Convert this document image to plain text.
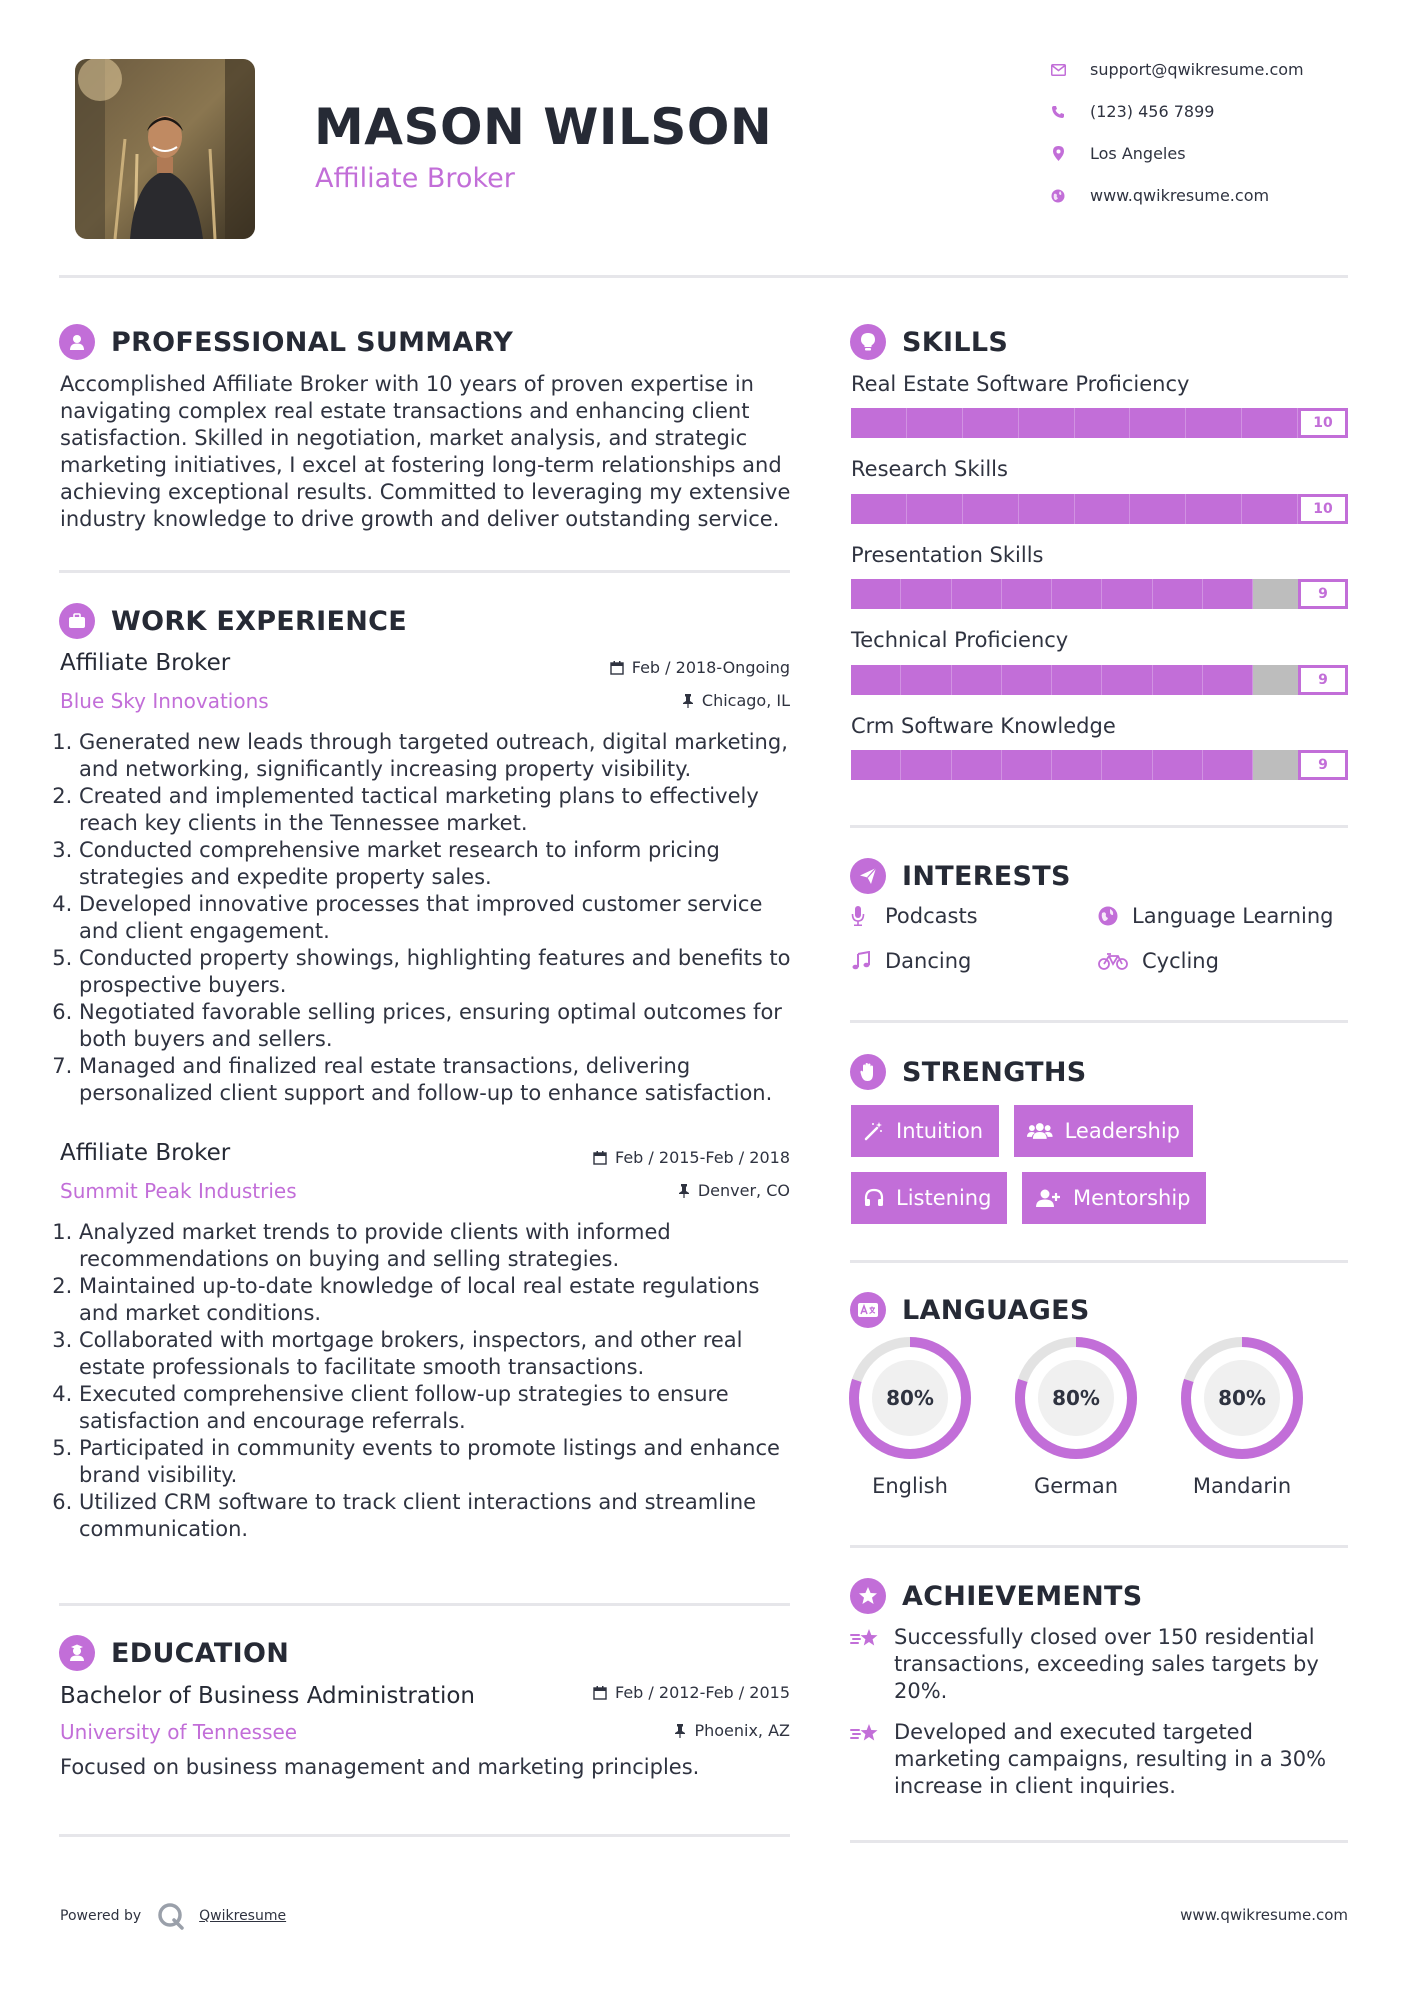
MASON WILSON
Affiliate Broker
support@qwikresume.com
(123) 456 7899
Los Angeles
www.qwikresume.com
PROFESSIONAL SUMMARY
Accomplished Affiliate Broker with 10 years of proven expertise in navigating complex real estate transactions and enhancing client satisfaction. Skilled in negotiation, market analysis, and strategic marketing initiatives, I excel at fostering long-term relationships and achieving exceptional results. Committed to leveraging my extensive industry knowledge to drive growth and deliver outstanding service.
WORK EXPERIENCE
Affiliate Broker	Feb / 2018-Ongoing
Blue Sky Innovations	Chicago, IL
1. Generated new leads through targeted outreach, digital marketing, and networking, significantly increasing property visibility.
2. Created and implemented tactical marketing plans to effectively reach key clients in the Tennessee market.
3. Conducted comprehensive market research to inform pricing strategies and expedite property sales.
4. Developed innovative processes that improved customer service and client engagement.
5. Conducted property showings, highlighting features and benefits to prospective buyers.
6. Negotiated favorable selling prices, ensuring optimal outcomes for both buyers and sellers.
7. Managed and finalized real estate transactions, delivering personalized client support and follow-up to enhance satisfaction.
Affiliate Broker	Feb / 2015-Feb / 2018
Summit Peak Industries	Denver, CO
1. Analyzed market trends to provide clients with informed recommendations on buying and selling strategies.
2. Maintained up-to-date knowledge of local real estate regulations and market conditions.
3. Collaborated with mortgage brokers, inspectors, and other real estate professionals to facilitate smooth transactions.
4. Executed comprehensive client follow-up strategies to ensure satisfaction and encourage referrals.
5. Participated in community events to promote listings and enhance brand visibility.
6. Utilized CRM software to track client interactions and streamline communication.
EDUCATION
Bachelor of Business Administration	Feb / 2012-Feb / 2015
University of Tennessee	Phoenix, AZ
Focused on business management and marketing principles.
SKILLS
Real Estate Software Proficiency
10
Research Skills
10
Presentation Skills
9
Technical Proficiency
9
Crm Software Knowledge
9
INTERESTS
Podcasts	Language Learning
Dancing	Cycling
STRENGTHS
Intuition	Leadership
Listening	Mentorship
LANGUAGES
80%
English
80%
German
80%
Mandarin
ACHIEVEMENTS
Successfully closed over 150 residential transactions, exceeding sales targets by 20%.
Developed and executed targeted marketing campaigns, resulting in a 30% increase in client inquiries.
Powered by	Qwikresume	www.qwikresume.com
